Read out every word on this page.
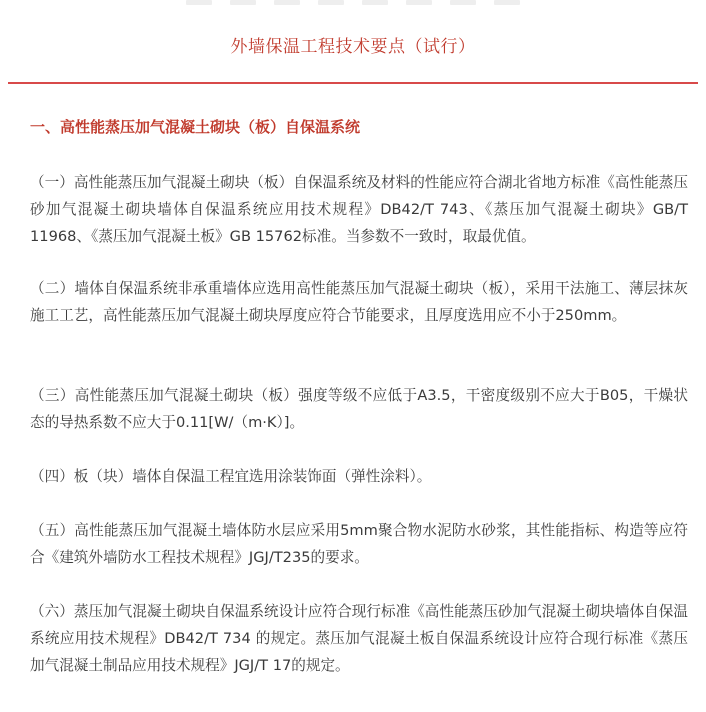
外墙保温工程技术要点（试行）
一、高性能蒸压加气混凝土砌块（板）自保温系统

（一）高性能蒸压加气混凝土砌块（板）自保温系统及材料的性能应符合湖北省地方标准《高性能蒸压砂加气混凝土砌块墙体自保温系统应用技术规程》DB42/T 743、《蒸压加气混凝土砌块》GB/T 11968、《蒸压加气混凝土板》GB 15762标准。当参数不一致时，取最优值。

（二）墙体自保温系统非承重墙体应选用高性能蒸压加气混凝土砌块（板），采用干法施工、薄层抹灰施工工艺，高性能蒸压加气混凝土砌块厚度应符合节能要求，且厚度选用应不小于250mm。

（三）高性能蒸压加气混凝土砌块（板）强度等级不应低于A3.5，干密度级别不应大于B05，干燥状态的导热系数不应大于0.11[W/（m·K）]。

（四）板（块）墙体自保温工程宜选用涂装饰面（弹性涂料）。

（五）高性能蒸压加气混凝土墙体防水层应采用5mm聚合物水泥防水砂浆，其性能指标、构造等应符合《建筑外墙防水工程技术规程》JGJ/T235的要求。

（六）蒸压加气混凝土砌块自保温系统设计应符合现行标准《高性能蒸压砂加气混凝土砌块墙体自保温系统应用技术规程》DB42/T 734 的规定。蒸压加气混凝土板自保温系统设计应符合现行标准《蒸压加气混凝土制品应用技术规程》JGJ/T 17的规定。
